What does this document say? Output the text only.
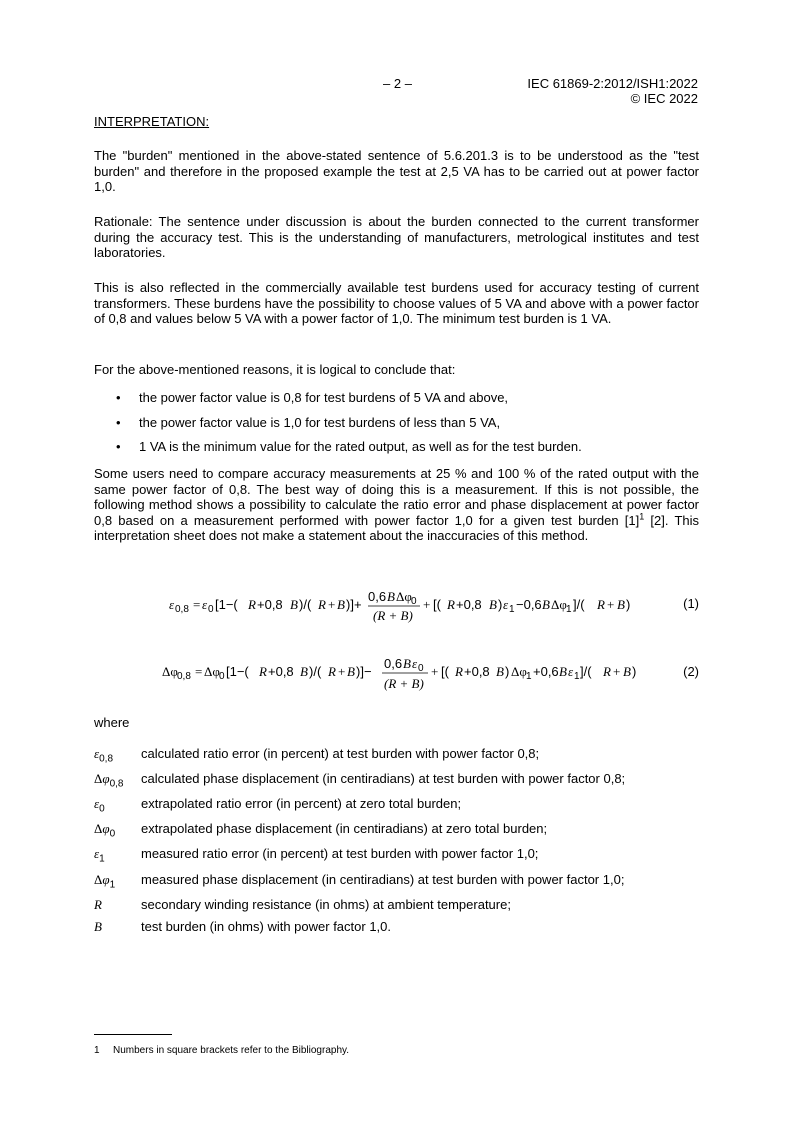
– 2 –	IEC 61869-2:2012/ISH1:2022
© IEC 2022
INTERPRETATION:

The "burden" mentioned in the above-stated sentence of 5.6.201.3 is to be understood as the "test burden" and therefore in the proposed example the test at 2,5 VA has to be carried out at power factor 1,0.

Rationale: The sentence under discussion is about the burden connected to the current transformer during the accuracy test. This is the understanding of manufacturers, metrological institutes and test laboratories.

This is also reflected in the commercially available test burdens used for accuracy testing of current transformers. These burdens have the possibility to choose values of 5 VA and above with a power factor of 0,8 and values below 5 VA with a power factor of 1,0. The minimum test burden is 1 VA.

For the above-mentioned reasons, it is logical to conclude that:

• the power factor value is 0,8 for test burdens of 5 VA and above,
• the power factor value is 1,0 for test burdens of less than 5 VA,
• 1 VA is the minimum value for the rated output, as well as for the test burden.

Some users need to compare accuracy measurements at 25 % and 100 % of the rated output with the same power factor of 0,8. The best way of doing this is a measurement. If this is not possible, the following method shows a possibility to calculate the ratio error and phase displacement at power factor 0,8 based on a measurement performed with power factor 1,0 for a given test burden $[1]^1$ [2]. This interpretation sheet does not make a statement about the inaccuracies of this method.

ε 0,8 = ε 0 [1−( R +0,8 B )/( R + B )]+
0,6 B Δφ 0
(R + B)
+ [( R +0,8 B ) ε 1 −0,6 B Δφ 1 ]/( R + B )	(1)
Δφ 0,8 = Δφ 0 [1−( R +0,8 B )/( R + B )]−
0,6 B ε 0
(R + B)
+ [( R +0,8 B ) Δφ 1 +0,6 B ε 1 ]/( R + B )	(2)
where
$\varepsilon_{0,8}$ calculated ratio error (in percent) at test burden with power factor 0,8;
$\Delta\varphi_{0,8}$ calculated phase displacement (in centiradians) at test burden with power factor 0,8;
$\varepsilon_0$	extrapolated ratio error (in percent) at zero total burden;
$\Delta\varphi_0$ extrapolated phase displacement (in centiradians) at zero total burden;
$\varepsilon_1$	measured ratio error (in percent) at test burden with power factor 1,0;
$\Delta\varphi_1$ measured phase displacement (in centiradians) at test burden with power factor 1,0;
R	secondary winding resistance (in ohms) at ambient temperature;
B	test burden (in ohms) with power factor 1,0.
1 Numbers in square brackets refer to the Bibliography.
